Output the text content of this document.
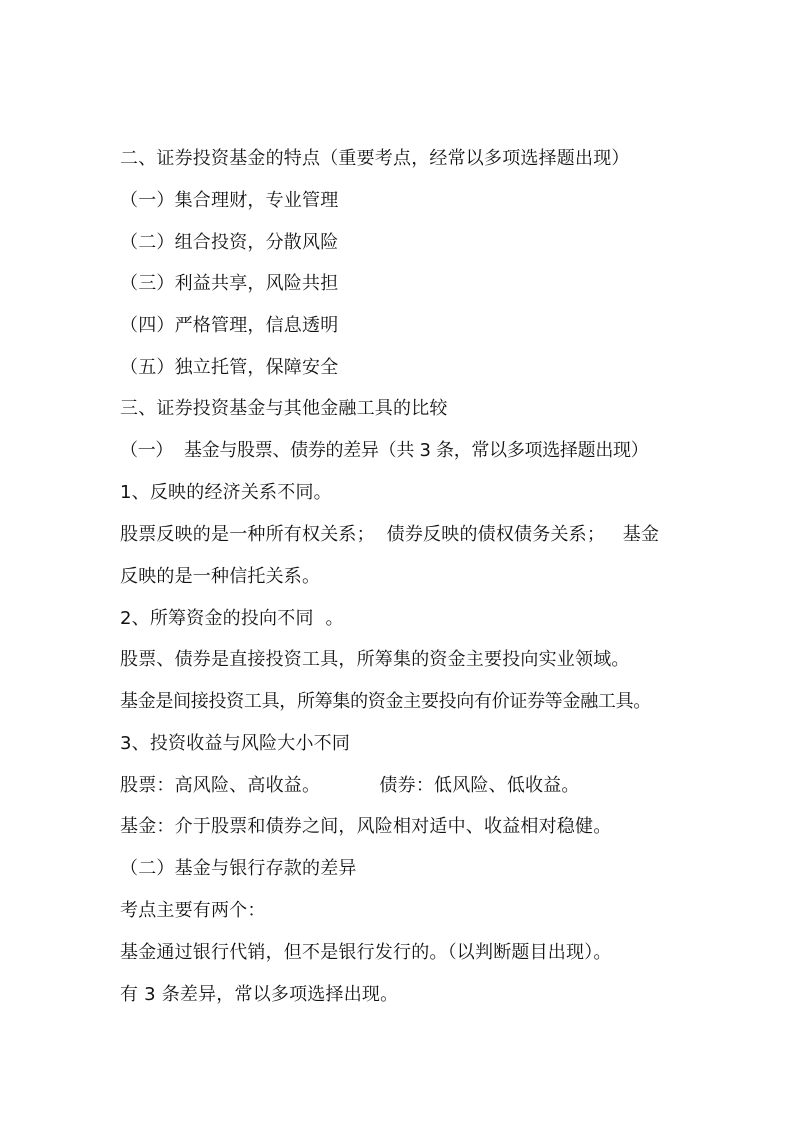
二、证券投资基金的特点（重要考点，经常以多项选择题出现）
（一）集合理财，专业管理
（二）组合投资，分散风险
（三）利益共享，风险共担
（四）严格管理，信息透明
（五）独立托管，保障安全
三、证券投资基金与其他金融工具的比较
（一）  基金与股票、债券的差异（共 3 条，常以多项选择题出现）
1、反映的经济关系不同。
股票反映的是一种所有权关系；  债券反映的债权债务关系；   基金
反映的是一种信托关系。
2、所筹资金的投向不同  。
股票、债券是直接投资工具，所筹集的资金主要投向实业领域。
基金是间接投资工具，所筹集的资金主要投向有价证券等金融工具。
3、投资收益与风险大小不同
股票：高风险、高收益。          债券：低风险、低收益。
基金：介于股票和债券之间，风险相对适中、收益相对稳健。
（二）基金与银行存款的差异
考点主要有两个：
基金通过银行代销，但不是银行发行的。（以判断题目出现）。
有 3 条差异，常以多项选择出现。
